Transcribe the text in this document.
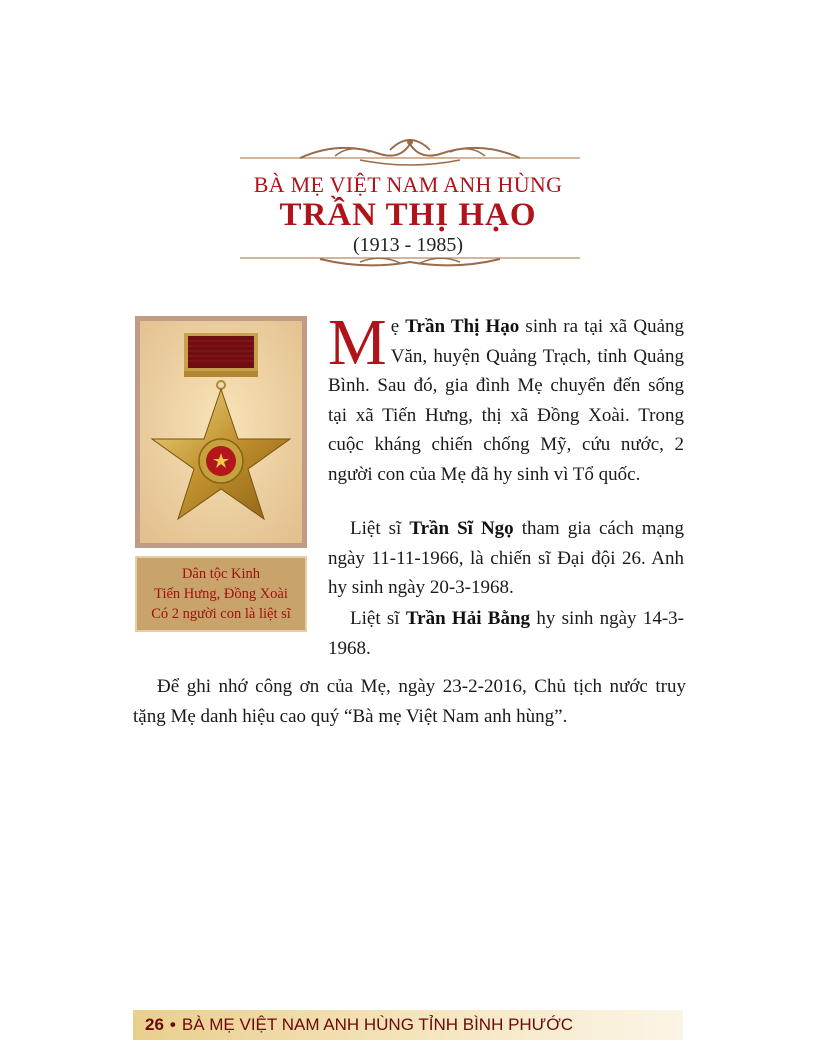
BÀ MẸ VIỆT NAM ANH HÙNG
TRẦN THỊ HẠO
(1913 - 1985)
Dân tộc Kinh
Tiến Hưng, Đồng Xoài
Có 2 người con là liệt sĩ

Mẹ Trần Thị Hạo sinh ra tại xã Quảng Văn, huyện Quảng Trạch, tỉnh Quảng Bình. Sau đó, gia đình Mẹ chuyển đến sống tại xã Tiến Hưng, thị xã Đồng Xoài. Trong cuộc kháng chiến chống Mỹ, cứu nước, 2 người con của Mẹ đã hy sinh vì Tổ quốc.

Liệt sĩ Trần Sĩ Ngọ tham gia cách mạng ngày 11-11-1966, là chiến sĩ Đại đội 26. Anh hy sinh ngày 20-3-1968.

Liệt sĩ Trần Hải Bằng hy sinh ngày 14-3-1968.

Để ghi nhớ công ơn của Mẹ, ngày 23-2-2016, Chủ tịch nước truy tặng Mẹ danh hiệu cao quý “Bà mẹ Việt Nam anh hùng”.

26 • BÀ MẸ VIỆT NAM ANH HÙNG TỈNH BÌNH PHƯỚC
